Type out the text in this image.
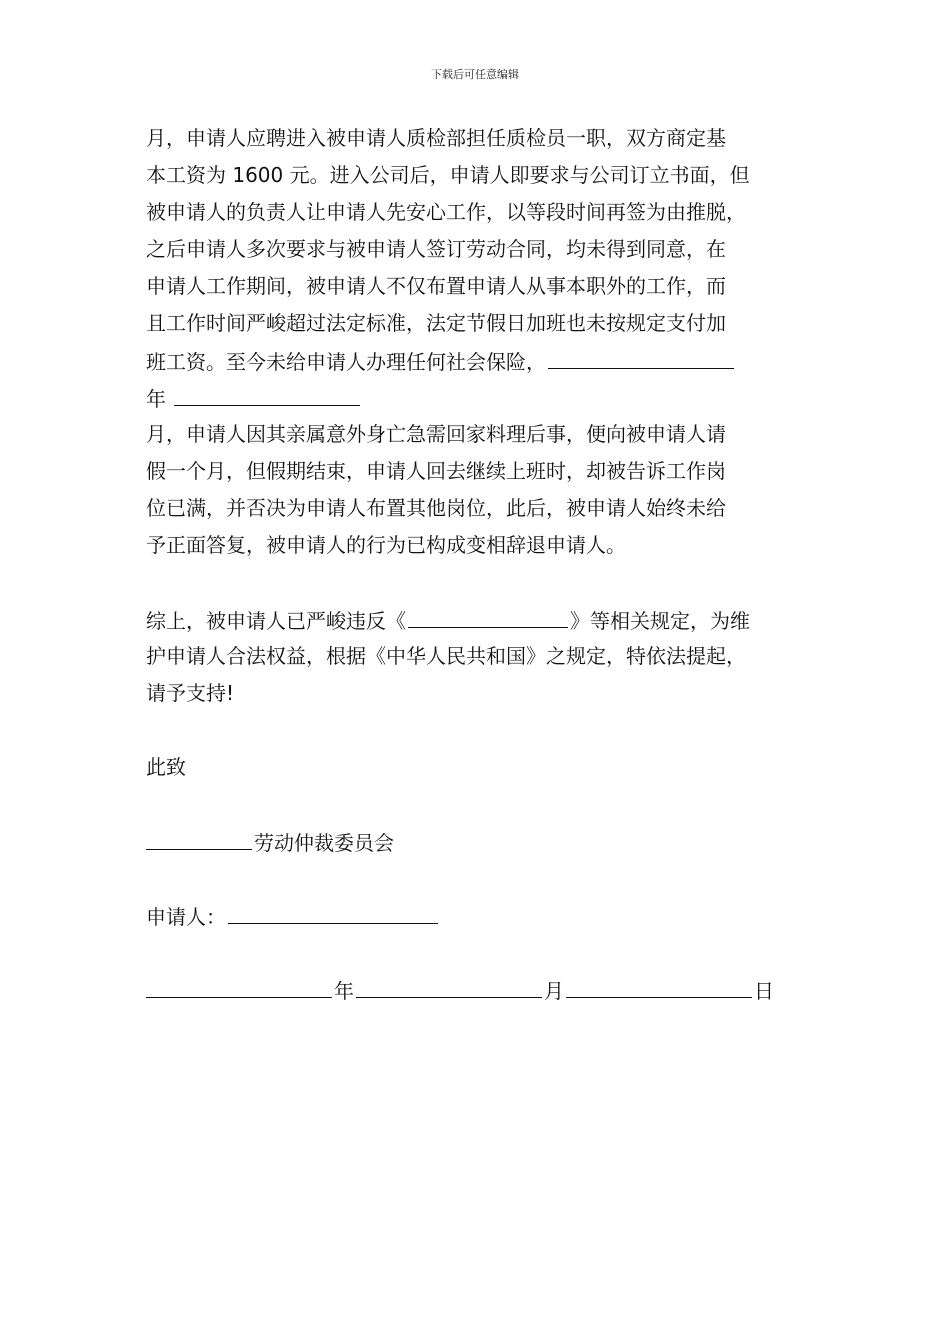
下载后可任意编辑
月，申请人应聘进入被申请人质检部担任质检员一职，双方商定基
本工资为 1600 元。进入公司后，申请人即要求与公司订立书面，但
被申请人的负责人让申请人先安心工作，以等段时间再签为由推脱，
之后申请人多次要求与被申请人签订劳动合同，均未得到同意，在
申请人工作期间，被申请人不仅布置申请人从事本职外的工作，而
且工作时间严峻超过法定标准，法定节假日加班也未按规定支付加
班工资。至今未给申请人办理任何社会保险，
年
月，申请人因其亲属意外身亡急需回家料理后事，便向被申请人请
假一个月，但假期结束，申请人回去继续上班时，却被告诉工作岗
位已满，并否决为申请人布置其他岗位，此后，被申请人始终未给
予正面答复，被申请人的行为已构成变相辞退申请人。
综上，被申请人已严峻违反《	》等相关规定，为维
护申请人合法权益，根据《中华人民共和国》之规定，特依法提起，
请予支持!
此致
劳动仲裁委员会
申请人：
年	月	日
